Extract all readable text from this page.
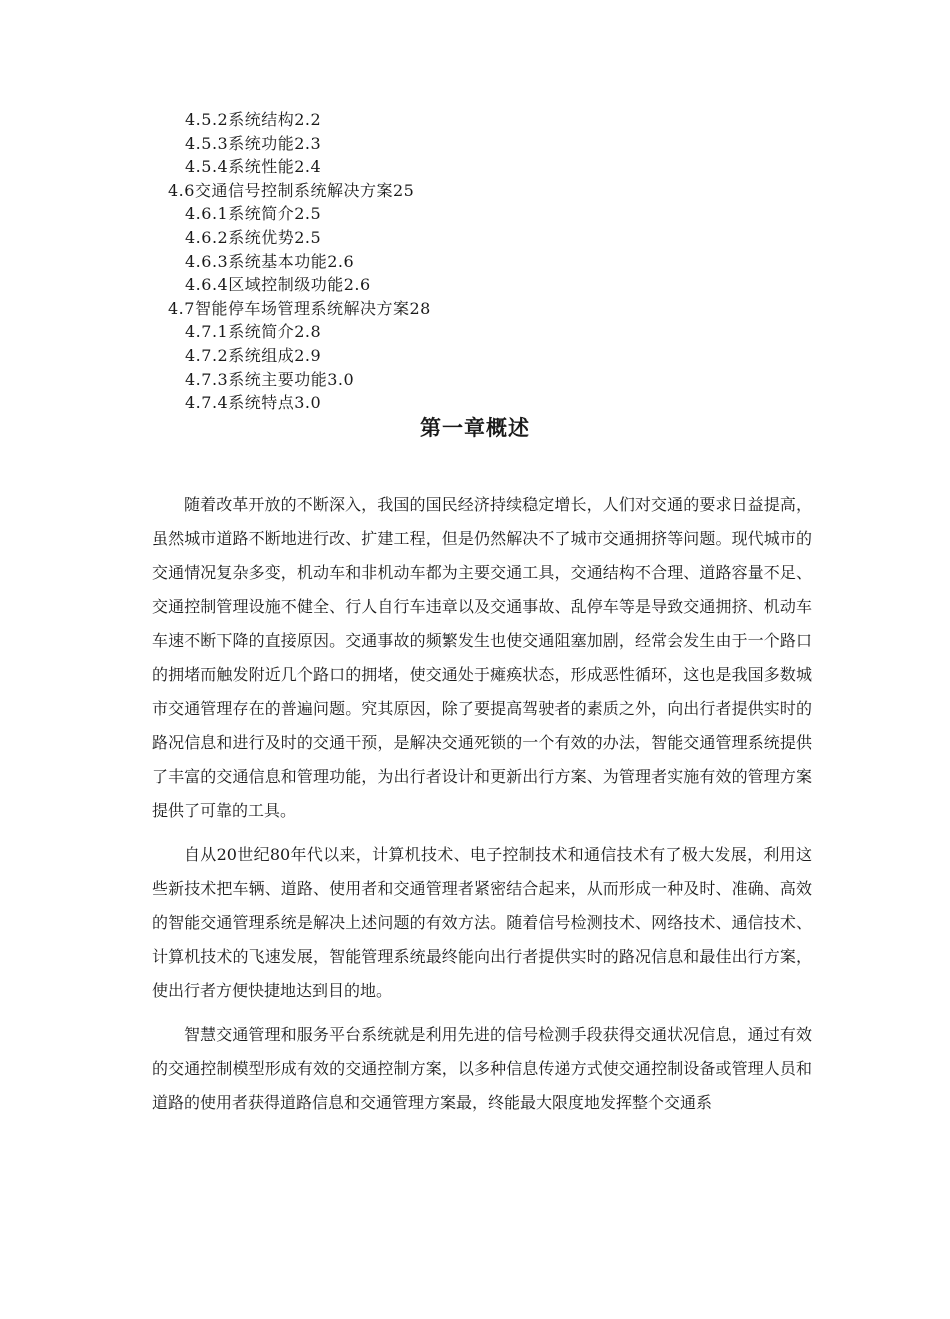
4.5.2系统结构2.2
4.5.3系统功能2.3
4.5.4系统性能2.4
4.6交通信号控制系统解决方案25
4.6.1系统简介2.5
4.6.2系统优势2.5
4.6.3系统基本功能2.6
4.6.4区域控制级功能2.6
4.7智能停车场管理系统解决方案28
4.7.1系统简介2.8
4.7.2系统组成2.9
4.7.3系统主要功能3.0
4.7.4系统特点3.0
第一章概述

随着改革开放的不断深入，我国的国民经济持续稳定增长，人们对交通的要求日益提高，虽然城市道路不断地进行改、扩建工程，但是仍然解决不了城市交通拥挤等问题。现代城市的交通情况复杂多变，机动车和非机动车都为主要交通工具，交通结构不合理、道路容量不足、交通控制管理设施不健全、行人自行车违章以及交通事故、乱停车等是导致交通拥挤、机动车车速不断下降的直接原因。交通事故的频繁发生也使交通阻塞加剧，经常会发生由于一个路口的拥堵而触发附近几个路口的拥堵，使交通处于瘫痪状态，形成恶性循环，这也是我国多数城市交通管理存在的普遍问题。究其原因，除了要提高驾驶者的素质之外，向出行者提供实时的路况信息和进行及时的交通干预，是解决交通死锁的一个有效的办法，智能交通管理系统提供了丰富的交通信息和管理功能，为出行者设计和更新出行方案、为管理者实施有效的管理方案提供了可靠的工具。

自从20世纪80年代以来，计算机技术、电子控制技术和通信技术有了极大发展，利用这些新技术把车辆、道路、使用者和交通管理者紧密结合起来，从而形成一种及时、准确、高效的智能交通管理系统是解决上述问题的有效方法。随着信号检测技术、网络技术、通信技术、计算机技术的飞速发展，智能管理系统最终能向出行者提供实时的路况信息和最佳出行方案，使出行者方便快捷地达到目的地。

智慧交通管理和服务平台系统就是利用先进的信号检测手段获得交通状况信息，通过有效的交通控制模型形成有效的交通控制方案，以多种信息传递方式使交通控制设备或管理人员和道路的使用者获得道路信息和交通管理方案最，终能最大限度地发挥整个交通系
